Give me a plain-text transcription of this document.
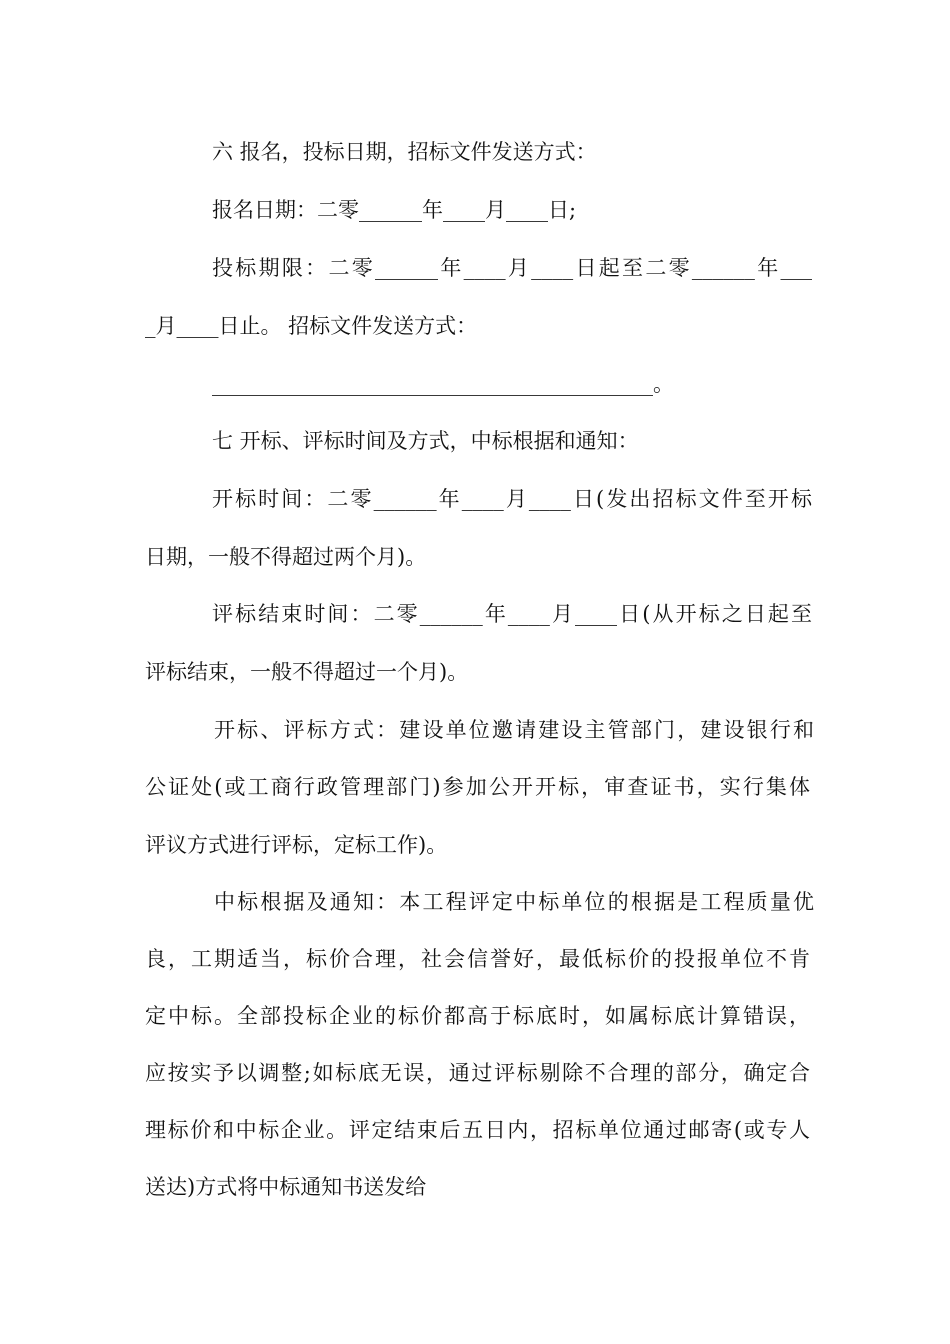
六 报名，投标日期，招标文件发送方式：
报名日期：二零______年____月____日;
投标期限：二零______年____月____日起至二零______年___
_月____日止。 招标文件发送方式：
__________________________________________。
七 开标、评标时间及方式，中标根据和通知：
开标时间：二零______年____月____日(发出招标文件至开标
日期，一般不得超过两个月)。
评标结束时间：二零______年____月____日(从开标之日起至
评标结束，一般不得超过一个月)。
开标、评标方式：建设单位邀请建设主管部门，建设银行和
公证处(或工商行政管理部门)参加公开开标，审查证书，实行集体
评议方式进行评标，定标工作)。
中标根据及通知：本工程评定中标单位的根据是工程质量优
良，工期适当，标价合理，社会信誉好，最低标价的投报单位不肯
定中标。全部投标企业的标价都高于标底时，如属标底计算错误，
应按实予以调整;如标底无误，通过评标剔除不合理的部分，确定合
理标价和中标企业。评定结束后五日内，招标单位通过邮寄(或专人
送达)方式将中标通知书送发给
